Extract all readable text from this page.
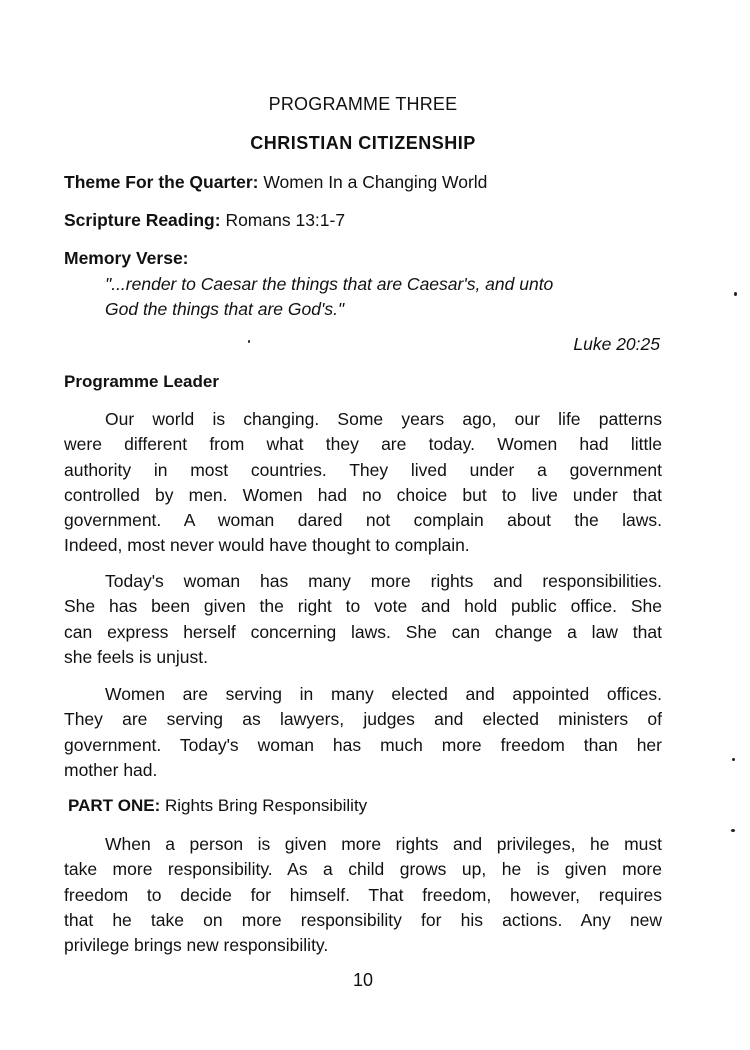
PROGRAMME THREE
CHRISTIAN CITIZENSHIP
Theme For the Quarter: Women In a Changing World
Scripture Reading: Romans 13:1-7
Memory Verse:
"...render to Caesar the things that are Caesar's, and unto
God the things that are God's."
Luke 20:25
Programme Leader
Our world is changing. Some years ago, our life patterns
were different from what they are today. Women had little
authority in most countries. They lived under a government
controlled by men. Women had no choice but to live under that
government. A woman dared not complain about the laws.
Indeed, most never would have thought to complain.
Today's woman has many more rights and responsibilities.
She has been given the right to vote and hold public office. She
can express herself concerning laws. She can change a law that
she feels is unjust.
Women are serving in many elected and appointed offices.
They are serving as lawyers, judges and elected ministers of
government. Today's woman has much more freedom than her
mother had.
PART ONE: Rights Bring Responsibility
When a person is given more rights and privileges, he must
take more responsibility. As a child grows up, he is given more
freedom to decide for himself. That freedom, however, requires
that he take on more responsibility for his actions. Any new
privilege brings new responsibility.
10
